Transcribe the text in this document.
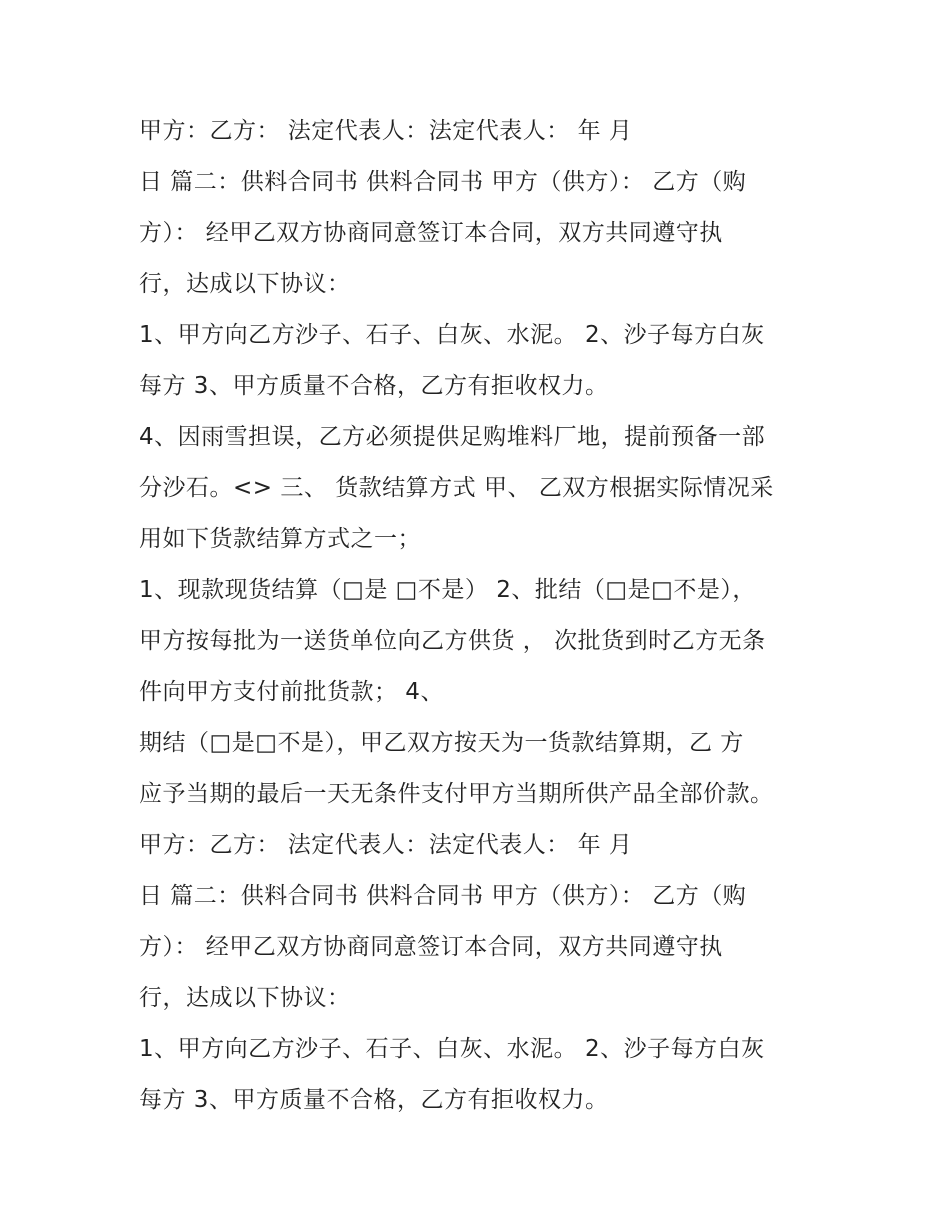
甲方：乙方： 法定代表人：法定代表人： 年 月
日 篇二：供料合同书 供料合同书 甲方（供方）： 乙方（购
方）： 经甲乙双方协商同意签订本合同，双方共同遵守执
行，达成以下协议：
1、甲方向乙方沙子、石子、白灰、水泥。 2、沙子每方白灰
每方 3、甲方质量不合格，乙方有拒收权力。
4、因雨雪担误，乙方必须提供足购堆料厂地，提前预备一部
分沙石。<> 三、 货款结算方式 甲、 乙双方根据实际情况采
用如下货款结算方式之一；
1、现款现货结算（□是 □不是） 2、批结（□是□不是），
甲方按每批为一送货单位向乙方供货 ， 次批货到时乙方无条
件向甲方支付前批货款； 4、
期结（□是□不是），甲乙双方按天为一货款结算期，乙 方
应予当期的最后一天无条件支付甲方当期所供产品全部价款。
甲方：乙方： 法定代表人：法定代表人： 年 月
日 篇二：供料合同书 供料合同书 甲方（供方）： 乙方（购
方）： 经甲乙双方协商同意签订本合同，双方共同遵守执
行，达成以下协议：
1、甲方向乙方沙子、石子、白灰、水泥。 2、沙子每方白灰
每方 3、甲方质量不合格，乙方有拒收权力。
